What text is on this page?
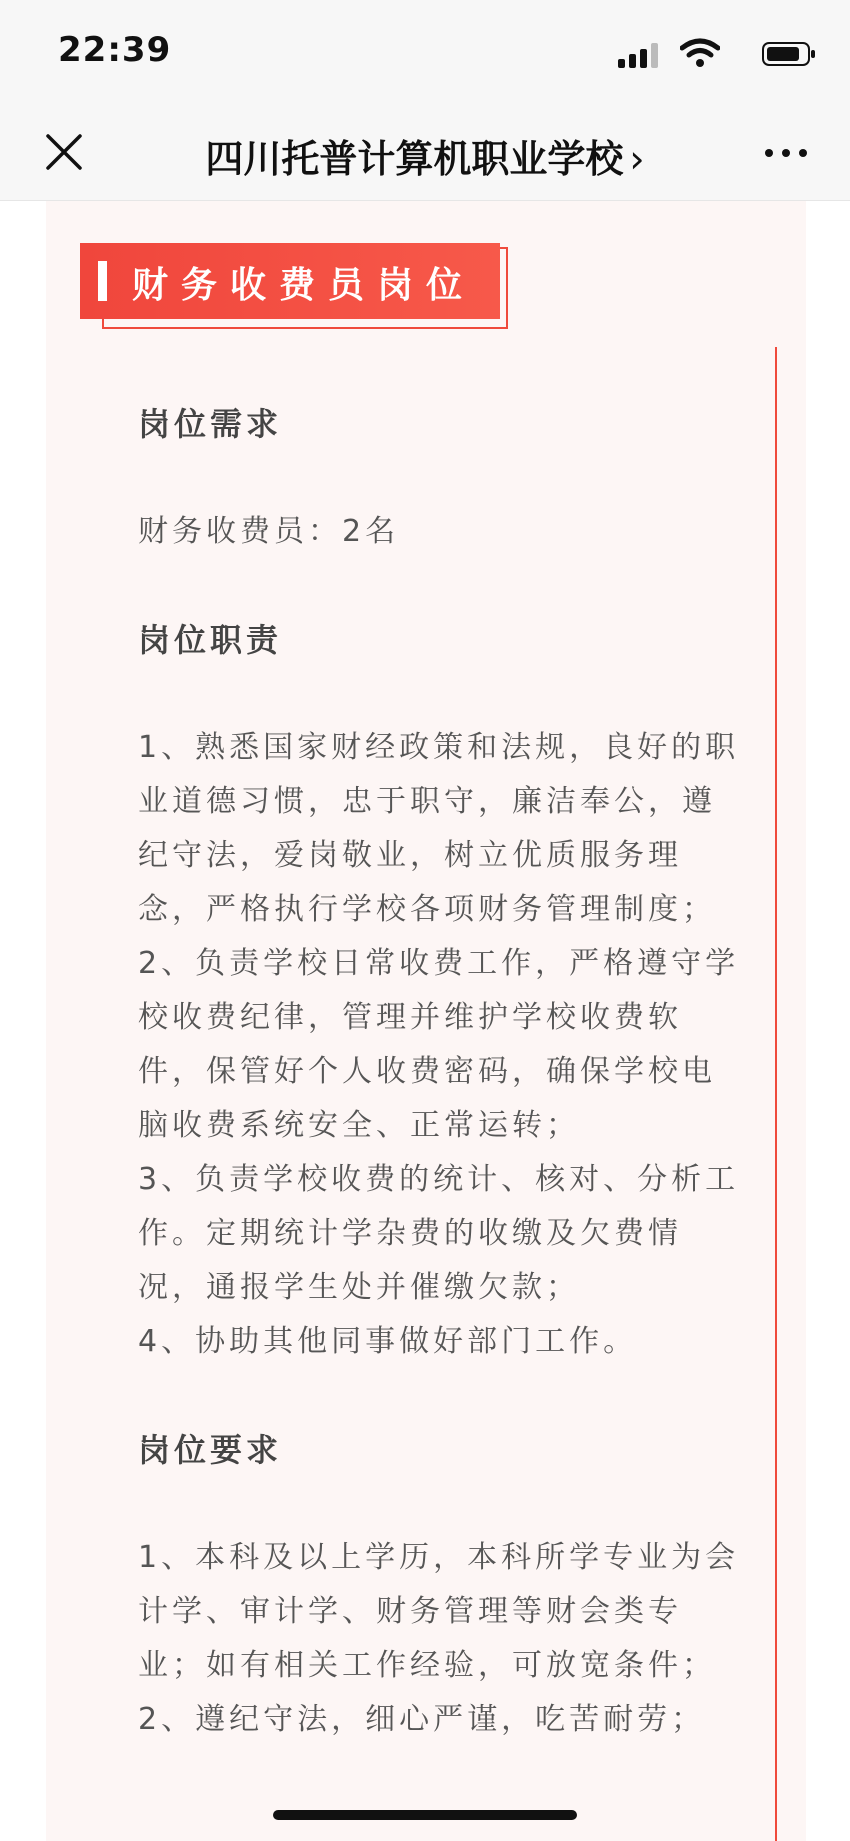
22:39
四川托普计算机职业学校 ›
财务收费员岗位

岗位需求

财务收费员：2名

岗位职责

1、熟悉国家财经政策和法规，良好的职业道德习惯，忠于职守，廉洁奉公，遵纪守法，爱岗敬业，树立优质服务理念，严格执行学校各项财务管理制度；

2、负责学校日常收费工作，严格遵守学校收费纪律，管理并维护学校收费软件，保管好个人收费密码，确保学校电脑收费系统安全、正常运转；

3、负责学校收费的统计、核对、分析工作。定期统计学杂费的收缴及欠费情况，通报学生处并催缴欠款；

4、协助其他同事做好部门工作。

岗位要求

1、本科及以上学历，本科所学专业为会计学、审计学、财务管理等财会类专业；如有相关工作经验，可放宽条件；

2、遵纪守法，细心严谨，吃苦耐劳；
